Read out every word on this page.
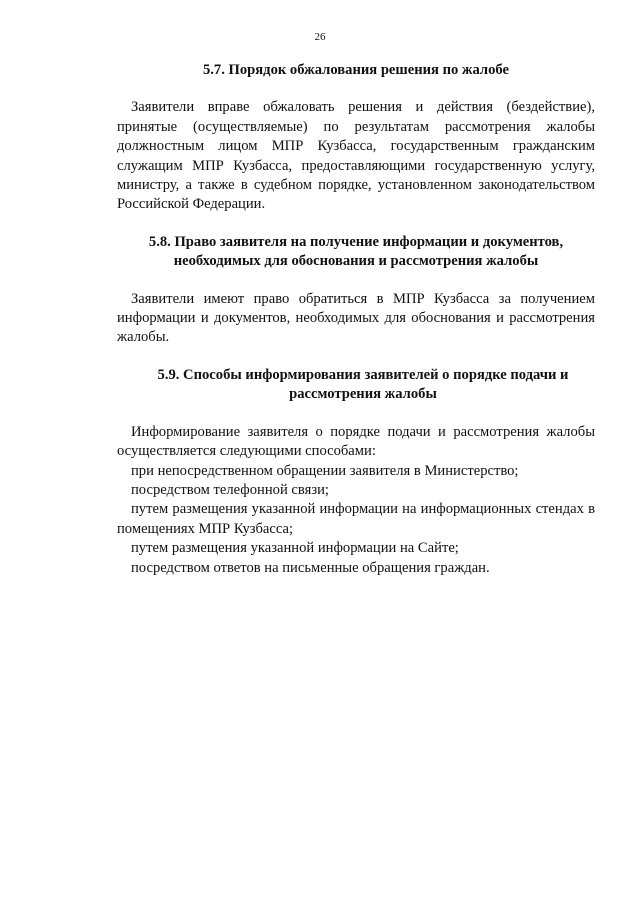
26

5.7. Порядок обжалования решения по жалобе

Заявители вправе обжаловать решения и действия (бездействие), принятые (осуществляемые) по результатам рассмотрения жалобы должностным лицом МПР Кузбасса, государственным гражданским служащим МПР Кузбасса, предоставляющими государственную услугу, министру, а также в судебном порядке, установленном законодательством Российской Федерации.

5.8. Право заявителя на получение информации и документов,
необходимых для обоснования и рассмотрения жалобы

Заявители имеют право обратиться в МПР Кузбасса за получением информации и документов, необходимых для обоснования и рассмотрения жалобы.

5.9. Способы информирования заявителей о порядке подачи и
рассмотрения жалобы

Информирование заявителя о порядке подачи и рассмотрения жалобы осуществляется следующими способами:

при непосредственном обращении заявителя в Министерство;

посредством телефонной связи;

путем размещения указанной информации на информационных стендах в помещениях МПР Кузбасса;

путем размещения указанной информации на Сайте;

посредством ответов на письменные обращения граждан.
